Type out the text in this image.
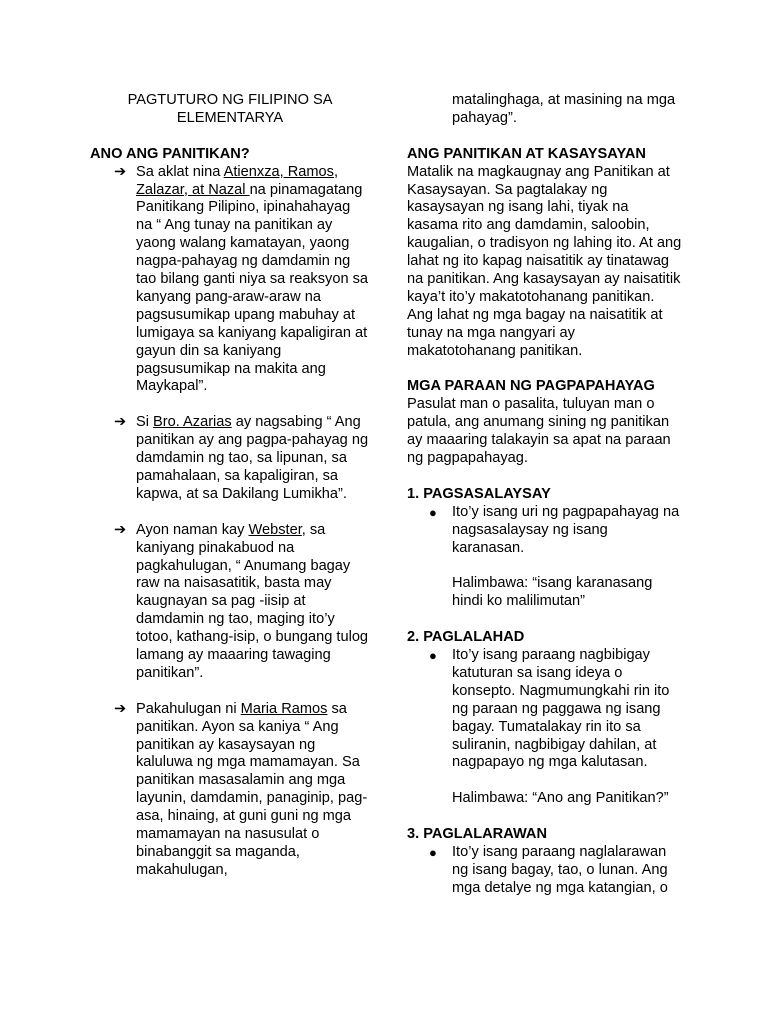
PAGTUTURO NG FILIPINO SA

ELEMENTARYA

ANO ANG PANITIKAN?

➔ Sa aklat nina Atienxza, Ramos, Zalazar, at Nazal na pinamagatang Panitikang Pilipino, ipinahahayag na “ Ang tunay na panitikan ay yaong walang kamatayan, yaong nagpa-pahayag ng damdamin ng tao bilang ganti niya sa reaksyon sa kanyang pang-araw-araw na pagsusumikap upang mabuhay at lumigaya sa kaniyang kapaligiran at gayun din sa kaniyang pagsusumikap na makita ang Maykapal”.
➔ Si Bro. Azarias ay nagsabing “ Ang panitikan ay ang pagpa-pahayag ng damdamin ng tao, sa lipunan, sa pamahalaan, sa kapaligiran, sa kapwa, at sa Dakilang Lumikha”.
➔ Ayon naman kay Webster, sa kaniyang pinakabuod na pagkahulugan, “ Anumang bagay raw na naisasatitik, basta may kaugnayan sa pag -iisip at damdamin ng tao, maging ito’y totoo, kathang-isip, o bungang tulog lamang ay maaaring tawaging panitikan”.
➔ Pakahulugan ni Maria Ramos sa panitikan. Ayon sa kaniya “ Ang panitikan ay kasaysayan ng kaluluwa ng mga mamamayan. Sa panitikan masasalamin ang mga layunin, damdamin, panaginip, pag-asa, hinaing, at guni guni ng mga mamamayan na nasusulat o binabanggit sa maganda, makahulugan,

matalinghaga, at masining na mga pahayag”.

ANG PANITIKAN AT KASAYSAYAN

Matalik na magkaugnay ang Panitikan at Kasaysayan. Sa pagtalakay ng kasaysayan ng isang lahi, tiyak na kasama rito ang damdamin, saloobin, kaugalian, o tradisyon ng lahing ito. At ang lahat ng ito kapag naisatitik ay tinatawag na panitikan. Ang kasaysayan ay naisatitik kaya’t ito’y makatotohanang panitikan. Ang lahat ng mga bagay na naisatitik at tunay na mga nangyari ay makatotohanang panitikan.

MGA PARAAN NG PAGPAPAHAYAG

Pasulat man o pasalita, tuluyan man o patula, ang anumang sining ng panitikan ay maaaring talakayin sa apat na paraan ng pagpapahayag.

1. PAGSASALAYSAY

● Ito’y isang uri ng pagpapahayag na nagsasalaysay ng isang karanasan.
Halimbawa: “isang karanasang hindi ko malilimutan”

2. PAGLALAHAD

● Ito’y isang paraang nagbibigay katuturan sa isang ideya o konsepto. Nagmumungkahi rin ito ng paraan ng paggawa ng isang bagay. Tumatalakay rin ito sa suliranin, nagbibigay dahilan, at nagpapayo ng mga kalutasan.
Halimbawa: “Ano ang Panitikan?”

3. PAGLALARAWAN

● Ito’y isang paraang naglalarawan ng isang bagay, tao, o lunan. Ang mga detalye ng mga katangian, o
